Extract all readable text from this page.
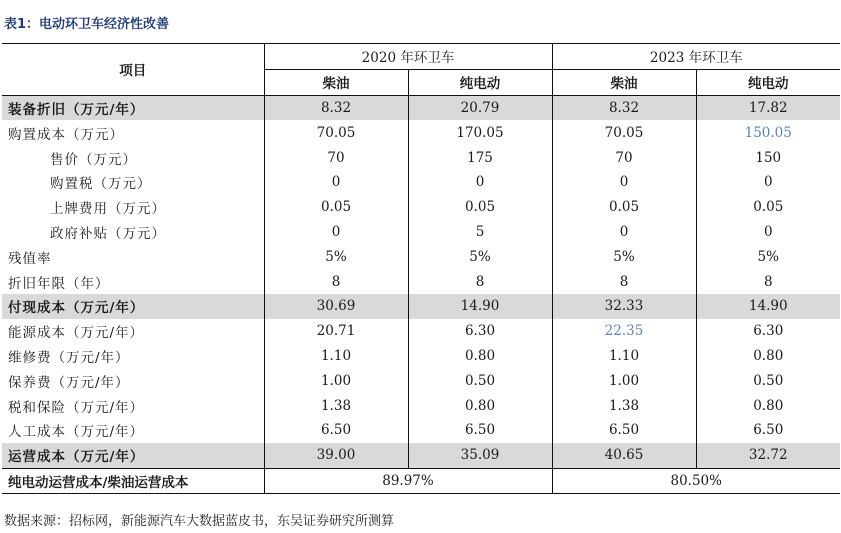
表1：电动环卫车经济性改善
项目	2020 年环卫车		2023 年环卫车	
	柴油	纯电动	柴油	纯电动
装备折旧（万元/年）	8.32	20.79	8.32	17.82
购置成本（万元）	70.05	170.05	70.05	150.05
售价（万元）	70	175	70	150
购置税（万元）	0	0	0	0
上牌费用（万元）	0.05	0.05	0.05	0.05
政府补贴（万元）	0	5	0	0
残值率	5%	5%	5%	5%
折旧年限（年）	8	8	8	8
付现成本（万元/年）	30.69	14.90	32.33	14.90
能源成本（万元/年）	20.71	6.30	22.35	6.30
维修费（万元/年）	1.10	0.80	1.10	0.80
保养费（万元/年）	1.00	0.50	1.00	0.50
税和保险（万元/年）	1.38	0.80	1.38	0.80
人工成本（万元/年）	6.50	6.50	6.50	6.50
运营成本（万元/年）	39.00	35.09	40.65	32.72
纯电动运营成本/柴油运营成本	89.97%		80.50%	
数据来源：招标网，新能源汽车大数据蓝皮书，东吴证券研究所测算
